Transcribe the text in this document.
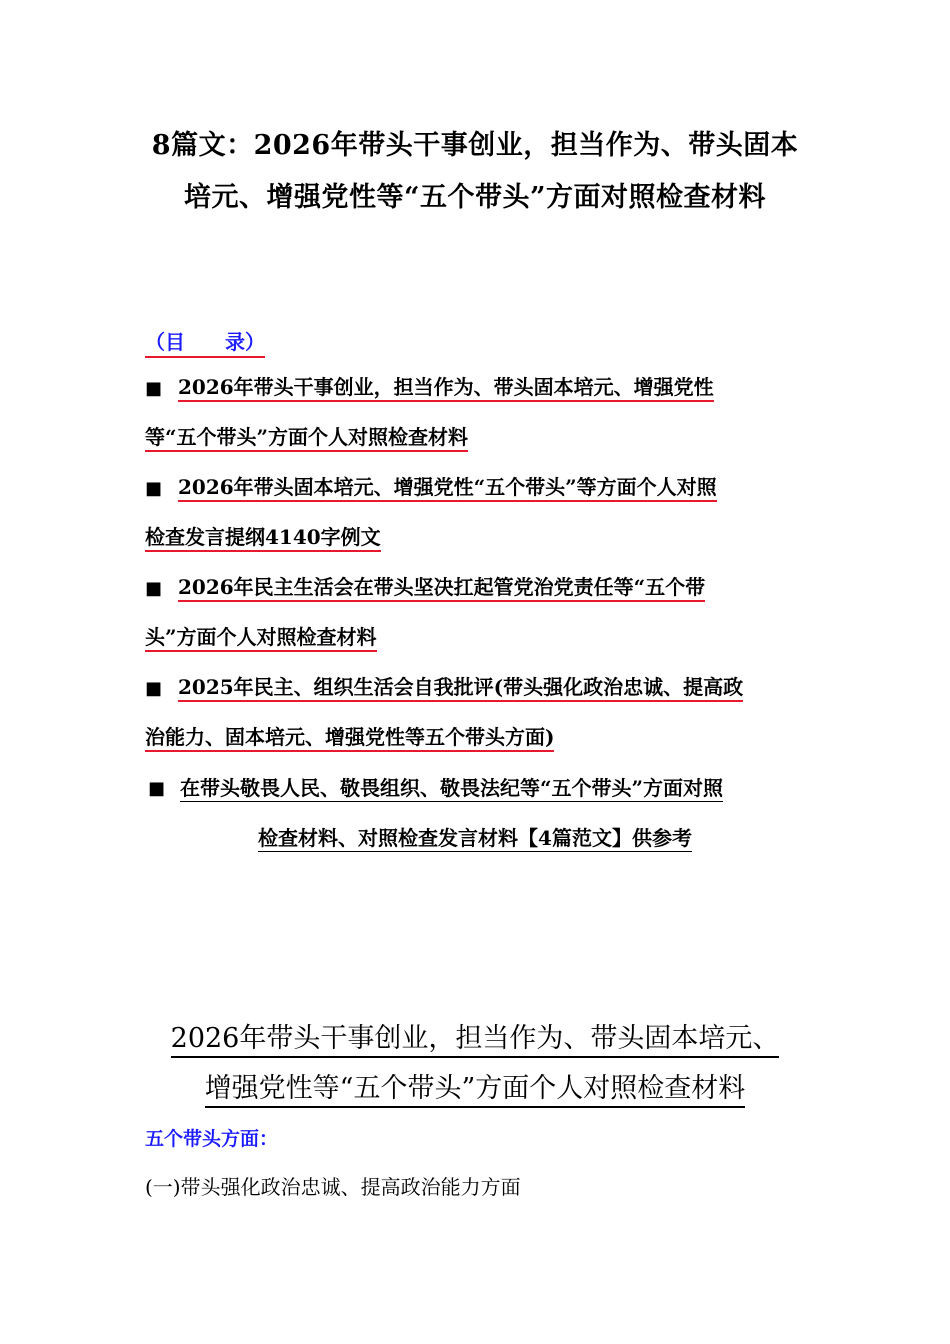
8篇文：2026年带头干事创业，担当作为、带头固本
培元、增强党性等“五个带头”方面对照检查材料
（目　　录）
■ 2026年带头干事创业，担当作为、带头固本培元、增强党性
等“五个带头”方面个人对照检查材料
■ 2026年带头固本培元、增强党性“五个带头”等方面个人对照
检查发言提纲4140字例文
■ 2026年民主生活会在带头坚决扛起管党治党责任等“五个带
头”方面个人对照检查材料
■ 2025年民主、组织生活会自我批评(带头强化政治忠诚、提高政
治能力、固本培元、增强党性等五个带头方面)
■ 在带头敬畏人民、敬畏组织、敬畏法纪等“五个带头”方面对照
检查材料、对照检查发言材料【4篇范文】供参考
2026年带头干事创业，担当作为、带头固本培元、
增强党性等“五个带头”方面个人对照检查材料
五个带头方面：
(一)带头强化政治忠诚、提高政治能力方面
